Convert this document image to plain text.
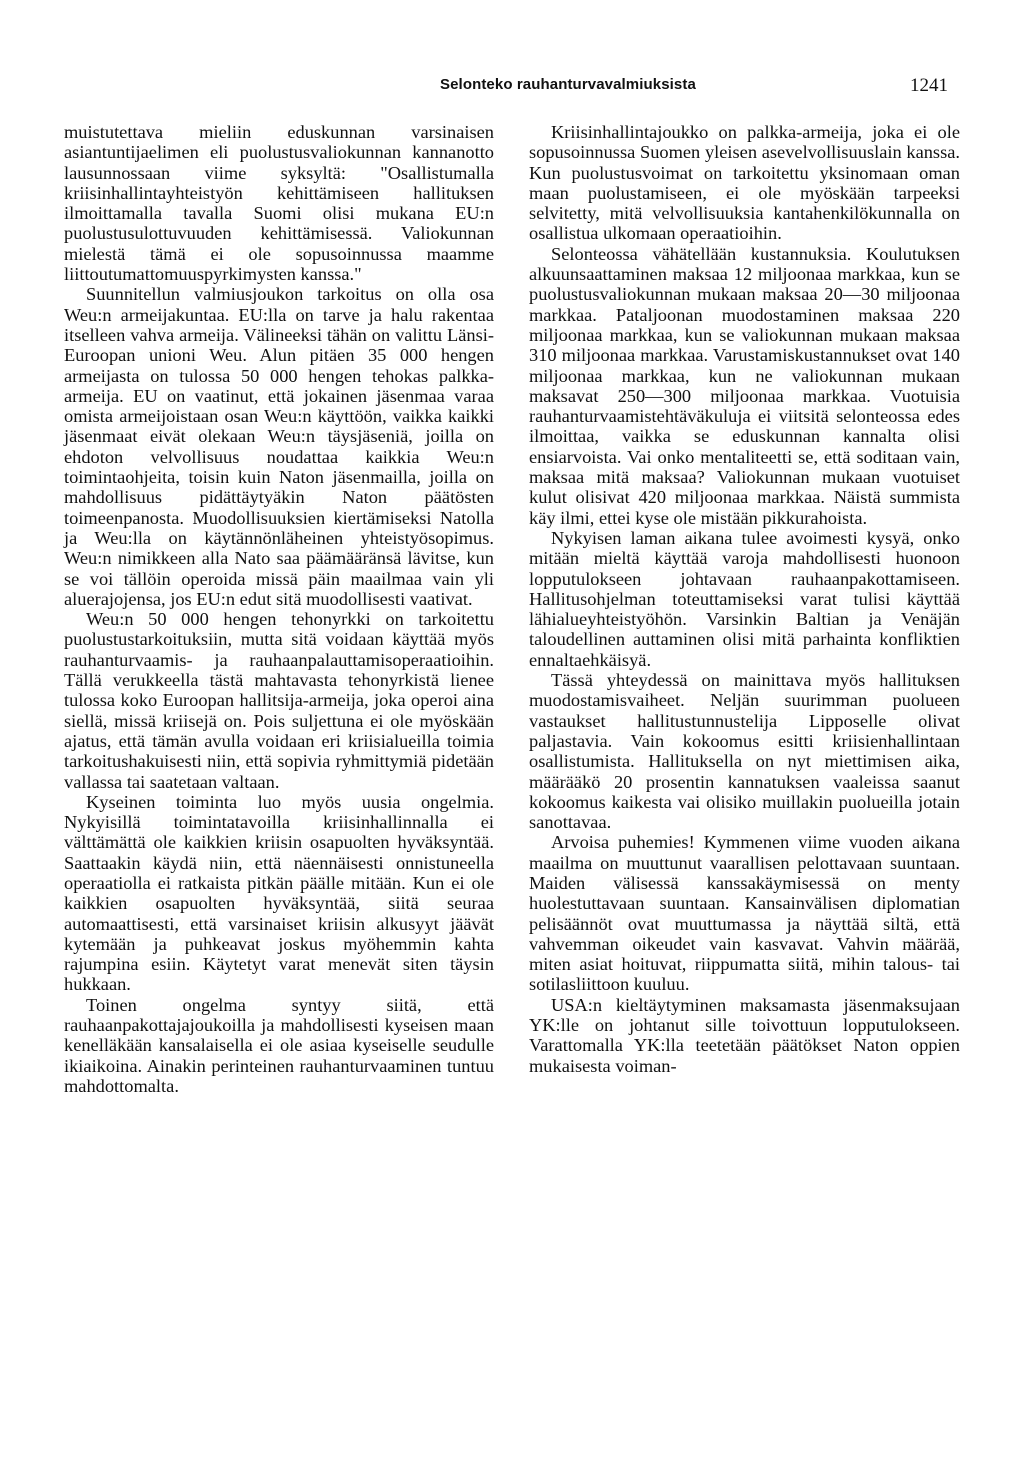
Selonteko rauhanturvavalmiuksista	1241

muistutettava mieliin eduskunnan varsinaisen asiantuntijaelimen eli puolustusvaliokunnan kannanotto lausunnossaan viime syksyltä: "Osallistumalla kriisinhallintayhteistyön kehittämiseen hallituksen ilmoittamalla tavalla Suomi olisi mukana EU:n puolustusulottuvuuden kehittämisessä. Valiokunnan mielestä tämä ei ole sopusoinnussa maamme liittoutumattomuuspyrkimysten kanssa."

Suunnitellun valmiusjoukon tarkoitus on olla osa Weu:n armeijakuntaa. EU:lla on tarve ja halu rakentaa itselleen vahva armeija. Välineeksi tähän on valittu Länsi-Euroopan unioni Weu. Alun pitäen 35 000 hengen armeijasta on tulossa 50 000 hengen tehokas palkka-armeija. EU on vaatinut, että jokainen jäsenmaa varaa omista armeijoistaan osan Weu:n käyttöön, vaikka kaikki jäsenmaat eivät olekaan Weu:n täysjäseniä, joilla on ehdoton velvollisuus noudattaa kaikkia Weu:n toimintaohjeita, toisin kuin Naton jäsenmailla, joilla on mahdollisuus pidättäytyäkin Naton päätösten toimeenpanosta. Muodollisuuksien kiertämiseksi Natolla ja Weu:lla on käytännönläheinen yhteistyösopimus. Weu:n nimikkeen alla Nato saa päämääränsä lävitse, kun se voi tällöin operoida missä päin maailmaa vain yli aluerajojensa, jos EU:n edut sitä muodollisesti vaativat.

Weu:n 50 000 hengen tehonyrkki on tarkoitettu puolustustarkoituksiin, mutta sitä voidaan käyttää myös rauhanturvaamis- ja rauhaanpalauttamisoperaatioihin. Tällä verukkeella tästä mahtavasta tehonyrkistä lienee tulossa koko Euroopan hallitsija-armeija, joka operoi aina siellä, missä kriisejä on. Pois suljettuna ei ole myöskään ajatus, että tämän avulla voidaan eri kriisialueilla toimia tarkoitushakuisesti niin, että sopivia ryhmittymiä pidetään vallassa tai saatetaan valtaan.

Kyseinen toiminta luo myös uusia ongelmia. Nykyisillä toimintatavoilla kriisinhallinnalla ei välttämättä ole kaikkien kriisin osapuolten hyväksyntää. Saattaakin käydä niin, että näennäisesti onnistuneella operaatiolla ei ratkaista pitkän päälle mitään. Kun ei ole kaikkien osapuolten hyväksyntää, siitä seuraa automaattisesti, että varsinaiset kriisin alkusyyt jäävät kytemään ja puhkeavat joskus myöhemmin kahta rajumpina esiin. Käytetyt varat menevät siten täysin hukkaan.

Toinen ongelma syntyy siitä, että rauhaanpakottajajoukoilla ja mahdollisesti kyseisen maan kenelläkään kansalaisella ei ole asiaa kyseiselle seudulle ikiaikoina. Ainakin perinteinen rauhanturvaaminen tuntuu mahdottomalta.

Kriisinhallintajoukko on palkka-armeija, joka ei ole sopusoinnussa Suomen yleisen asevelvollisuuslain kanssa. Kun puolustusvoimat on tarkoitettu yksinomaan oman maan puolustamiseen, ei ole myöskään tarpeeksi selvitetty, mitä velvollisuuksia kantahenkilökunnalla on osallistua ulkomaan operaatioihin.

Selonteossa vähätellään kustannuksia. Koulutuksen alkuunsaattaminen maksaa 12 miljoonaa markkaa, kun se puolustusvaliokunnan mukaan maksaa 20—30 miljoonaa markkaa. Pataljoonan muodostaminen maksaa 220 miljoonaa markkaa, kun se valiokunnan mukaan maksaa 310 miljoonaa markkaa. Varustamiskustannukset ovat 140 miljoonaa markkaa, kun ne valiokunnan mukaan maksavat 250—300 miljoonaa markkaa. Vuotuisia rauhanturvaamistehtäväkuluja ei viitsitä selonteossa edes ilmoittaa, vaikka se eduskunnan kannalta olisi ensiarvoista. Vai onko mentaliteetti se, että soditaan vain, maksaa mitä maksaa? Valiokunnan mukaan vuotuiset kulut olisivat 420 miljoonaa markkaa. Näistä summista käy ilmi, ettei kyse ole mistään pikkurahoista.

Nykyisen laman aikana tulee avoimesti kysyä, onko mitään mieltä käyttää varoja mahdollisesti huonoon lopputulokseen johtavaan rauhaanpakottamiseen. Hallitusohjelman toteuttamiseksi varat tulisi käyttää lähialueyhteistyöhön. Varsinkin Baltian ja Venäjän taloudellinen auttaminen olisi mitä parhainta konfliktien ennaltaehkäisyä.

Tässä yhteydessä on mainittava myös hallituksen muodostamisvaiheet. Neljän suurimman puolueen vastaukset hallitustunnustelija Lipposelle olivat paljastavia. Vain kokoomus esitti kriisienhallintaan osallistumista. Hallituksella on nyt miettimisen aika, määrääkö 20 prosentin kannatuksen vaaleissa saanut kokoomus kaikesta vai olisiko muillakin puolueilla jotain sanottavaa.

Arvoisa puhemies! Kymmenen viime vuoden aikana maailma on muuttunut vaarallisen pelottavaan suuntaan. Maiden välisessä kanssakäymisessä on menty huolestuttavaan suuntaan. Kansainvälisen diplomatian pelisäännöt ovat muuttumassa ja näyttää siltä, että vahvemman oikeudet vain kasvavat. Vahvin määrää, miten asiat hoituvat, riippumatta siitä, mihin talous- tai sotilasliittoon kuuluu.

USA:n kieltäytyminen maksamasta jäsenmaksujaan YK:lle on johtanut sille toivottuun lopputulokseen. Varattomalla YK:lla teetetään päätökset Naton oppien mukaisesta voiman-
